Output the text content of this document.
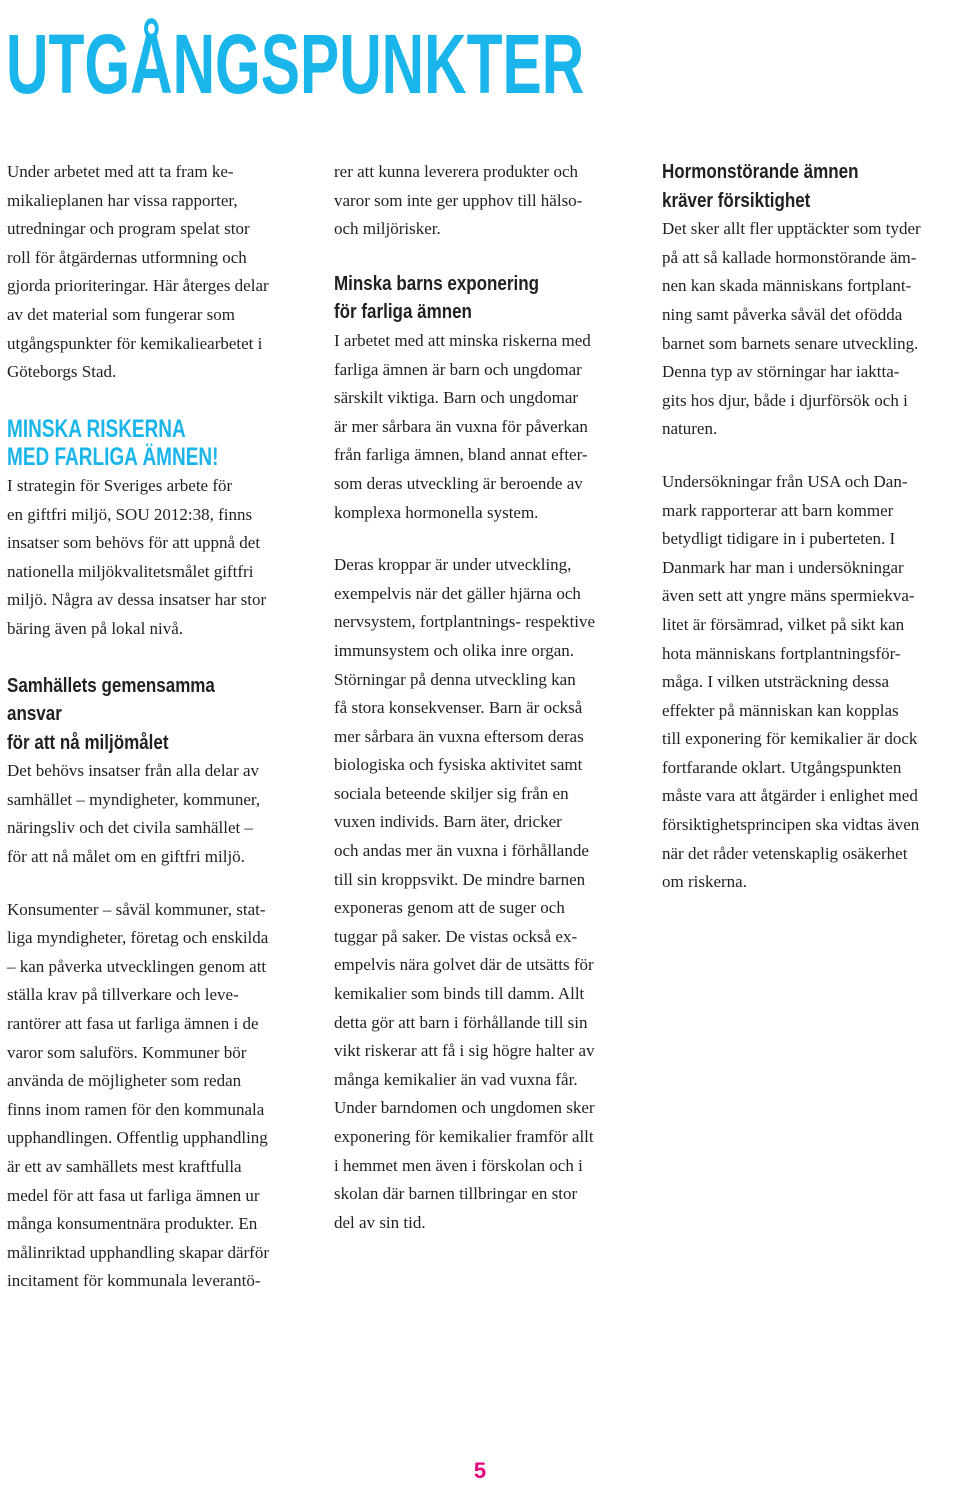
UTGÅNGSPUNKTER

Under arbetet med att ta fram ke-
mikalieplanen har vissa rapporter,
utredningar och program spelat stor
roll för åtgärdernas utformning och
gjorda prioriteringar. Här återges delar
av det material som fungerar som
utgångspunkter för kemikaliearbetet i
Göteborgs Stad.

MINSKA RISKERNA
MED FARLIGA ÄMNEN!

I strategin för Sveriges arbete för
en giftfri miljö, SOU 2012:38, finns
insatser som behövs för att uppnå det
nationella miljökvalitetsmålet giftfri
miljö. Några av dessa insatser har stor
bäring även på lokal nivå.

Samhällets gemensamma ansvar
för att nå miljömålet

Det behövs insatser från alla delar av
samhället – myndigheter, kommuner,
näringsliv och det civila samhället –
för att nå målet om en giftfri miljö.

Konsumenter – såväl kommuner, stat-
liga myndigheter, företag och enskilda
– kan påverka utvecklingen genom att
ställa krav på tillverkare och leve-
rantörer att fasa ut farliga ämnen i de
varor som saluförs. Kommuner bör
använda de möjligheter som redan
finns inom ramen för den kommunala
upphandlingen. Offentlig upphandling
är ett av samhällets mest kraftfulla
medel för att fasa ut farliga ämnen ur
många konsumentnära produkter. En
målinriktad upphandling skapar därför
incitament för kommunala leverantö-

rer att kunna leverera produkter och
varor som inte ger upphov till hälso-
och miljörisker.

Minska barns exponering
för farliga ämnen

I arbetet med att minska riskerna med
farliga ämnen är barn och ungdomar
särskilt viktiga. Barn och ungdomar
är mer sårbara än vuxna för påverkan
från farliga ämnen, bland annat efter-
som deras utveckling är beroende av
komplexa hormonella system.

Deras kroppar är under utveckling,
exempelvis när det gäller hjärna och
nervsystem, fortplantnings- respektive
immunsystem och olika inre organ.
Störningar på denna utveckling kan
få stora konsekvenser. Barn är också
mer sårbara än vuxna eftersom deras
biologiska och fysiska aktivitet samt
sociala beteende skiljer sig från en
vuxen individs. Barn äter, dricker
och andas mer än vuxna i förhållande
till sin kroppsvikt. De mindre barnen
exponeras genom att de suger och
tuggar på saker. De vistas också ex-
empelvis nära golvet där de utsätts för
kemikalier som binds till damm. Allt
detta gör att barn i förhållande till sin
vikt riskerar att få i sig högre halter av
många kemikalier än vad vuxna får.
Under barndomen och ungdomen sker
exponering för kemikalier framför allt
i hemmet men även i förskolan och i
skolan där barnen tillbringar en stor
del av sin tid.

Hormonstörande ämnen
kräver försiktighet

Det sker allt fler upptäckter som tyder
på att så kallade hormonstörande äm-
nen kan skada människans fortplant-
ning samt påverka såväl det ofödda
barnet som barnets senare utveckling.
Denna typ av störningar har iaktta-
gits hos djur, både i djurförsök och i
naturen.

Undersökningar från USA och Dan-
mark rapporterar att barn kommer
betydligt tidigare in i puberteten. I
Danmark har man i undersökningar
även sett att yngre mäns spermiekva-
litet är försämrad, vilket på sikt kan
hota människans fortplantningsför-
måga. I vilken utsträckning dessa
effekter på människan kan kopplas
till exponering för kemikalier är dock
fortfarande oklart. Utgångspunkten
måste vara att åtgärder i enlighet med
försiktighetsprincipen ska vidtas även
när det råder vetenskaplig osäkerhet
om riskerna.

5
